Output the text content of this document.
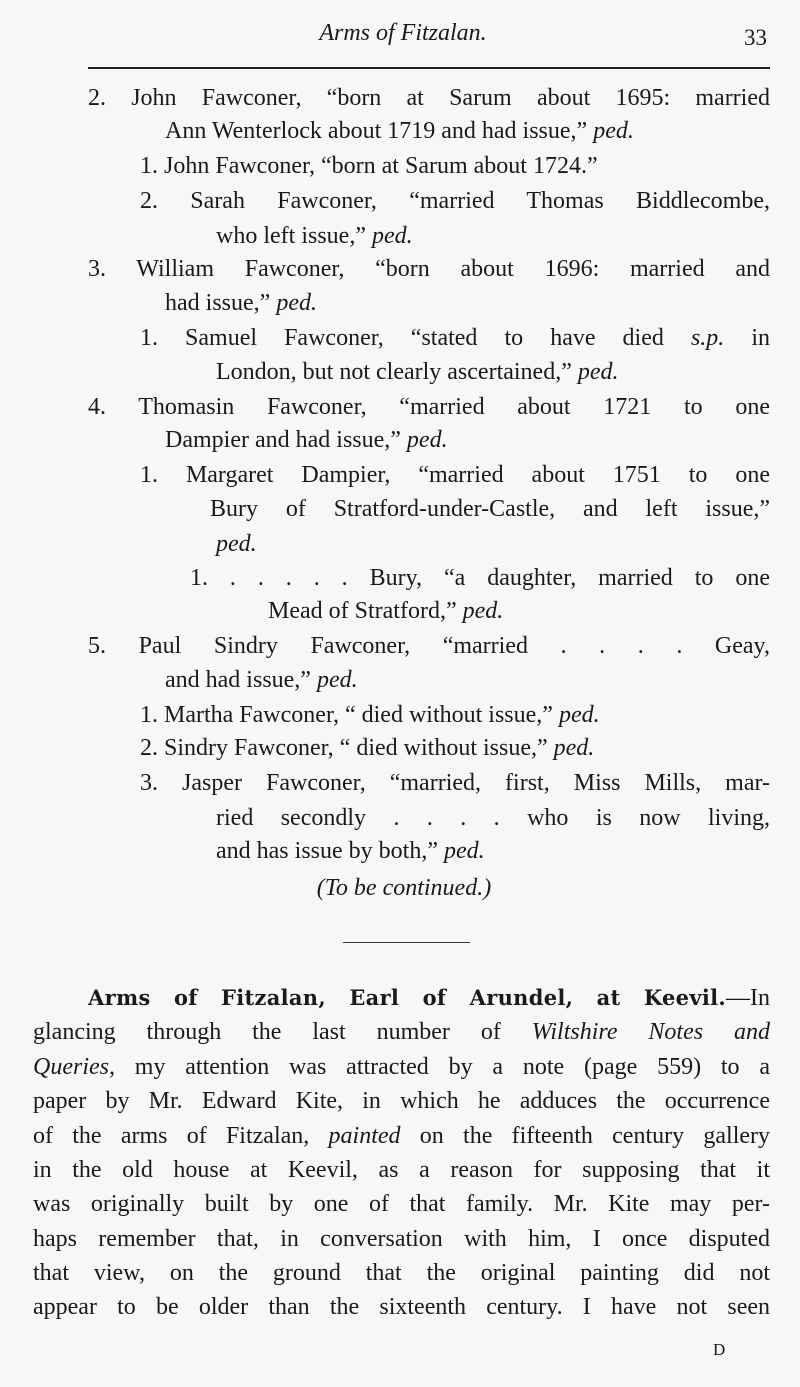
Arms of Fitzalan.	33
2. John Fawconer, “born at Sarum about 1695: married
Ann Wenterlock about 1719 and had issue,” ped.
1. John Fawconer, “born at Sarum about 1724.”
2. Sarah Fawconer, “married Thomas Biddlecombe,
who left issue,” ped.
3. William Fawconer, “born about 1696: married and
had issue,” ped.
1. Samuel Fawconer, “stated to have died s.p. in
London, but not clearly ascertained,” ped.
4. Thomasin Fawconer, “married about 1721 to one
Dampier and had issue,” ped.
1. Margaret Dampier, “married about 1751 to one
Bury of Stratford-under-Castle, and left issue,”
ped.
1. . . . . . Bury, “a daughter, married to one
Mead of Stratford,” ped.
5. Paul Sindry Fawconer, “married . . . . Geay,
and had issue,” ped.
1. Martha Fawconer, “ died without issue,” ped.
2. Sindry Fawconer, “ died without issue,” ped.
3. Jasper Fawconer, “married, first, Miss Mills, mar-
ried secondly . . . . who is now living,
and has issue by both,” ped.
Arms of Fitzalan, Earl of Arundel, at Keevil.—In
glancing through the last number of Wiltshire Notes and
Queries, my attention was attracted by a note (page 559) to a
paper by Mr. Edward Kite, in which he adduces the occurrence
of the arms of Fitzalan, painted on the fifteenth century gallery
in the old house at Keevil, as a reason for supposing that it
was originally built by one of that family. Mr. Kite may per-
haps remember that, in conversation with him, I once disputed
that view, on the ground that the original painting did not
appear to be older than the sixteenth century. I have not seen
(To be continued.)
D
